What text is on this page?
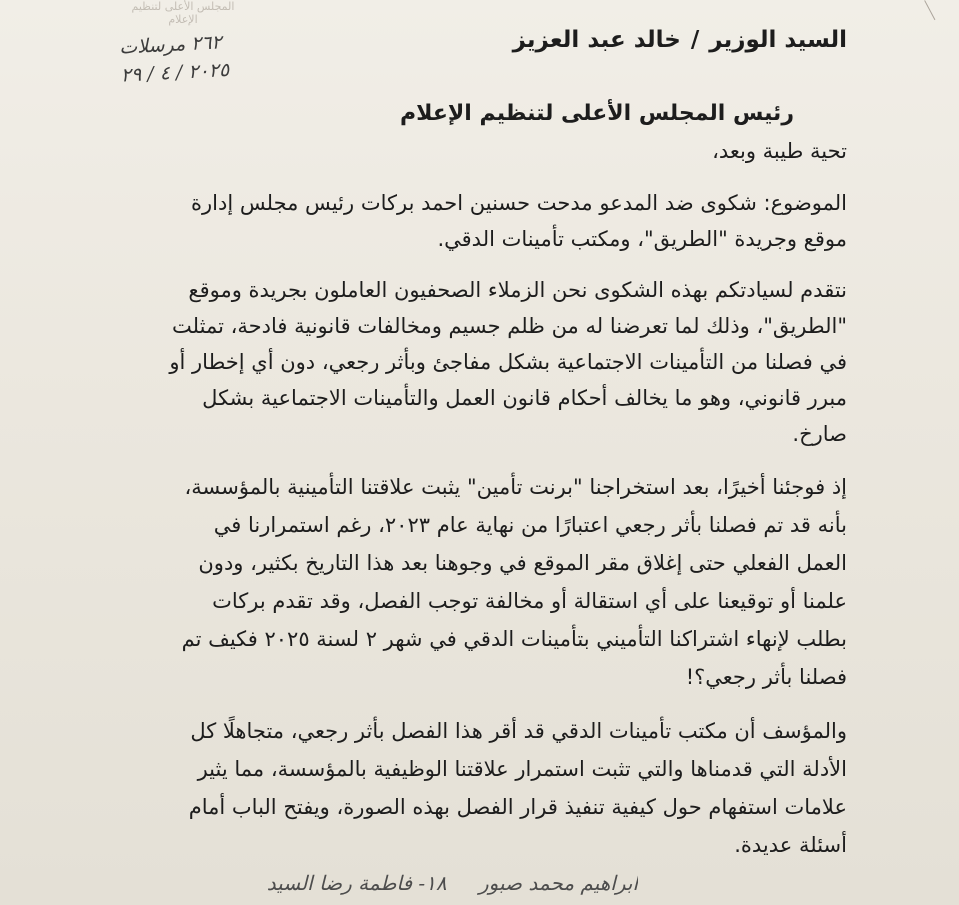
المجلس الأعلى لتنظيم الإعلام
٢٦٢ مرسلات
٢٠٢٥ / ٤ / ٢٩
السيد الوزير/خالد عبد العزيز
رئيس المجلس الأعلى لتنظيم الإعلام
تحية طيبة وبعد،
الموضوع: شكوى ضد المدعو مدحت حسنين احمد بركات رئيس مجلس إدارة موقع وجريدة "الطريق"، ومكتب تأمينات الدقي.
نتقدم لسيادتكم بهذه الشكوى نحن الزملاء الصحفيون العاملون بجريدة وموقع "الطريق"، وذلك لما تعرضنا له من ظلم جسيم ومخالفات قانونية فادحة، تمثلت في فصلنا من التأمينات الاجتماعية بشكل مفاجئ وبأثر رجعي، دون أي إخطار أو مبرر قانوني، وهو ما يخالف أحكام قانون العمل والتأمينات الاجتماعية بشكل صارخ.
إذ فوجئنا أخيرًا، بعد استخراجنا "برنت تأمين" يثبت علاقتنا التأمينية بالمؤسسة، بأنه قد تم فصلنا بأثر رجعي اعتبارًا من نهاية عام ٢٠٢٣، رغم استمرارنا في العمل الفعلي حتى إغلاق مقر الموقع في وجوهنا بعد هذا التاريخ بكثير، ودون علمنا أو توقيعنا على أي استقالة أو مخالفة توجب الفصل، وقد تقدم بركات بطلب لإنهاء اشتراكنا التأميني بتأمينات الدقي في شهر ٢ لسنة ٢٠٢٥ فكيف تم فصلنا بأثر رجعي؟!
والمؤسف أن مكتب تأمينات الدقي قد أقر هذا الفصل بأثر رجعي، متجاهلًا كل الأدلة التي قدمناها والتي تثبت استمرار علاقتنا الوظيفية بالمؤسسة، مما يثير علامات استفهام حول كيفية تنفيذ قرار الفصل بهذه الصورة، ويفتح الباب أمام أسئلة عديدة.
ابراهيم محمد صبور ١٨- فاطمة رضا السيد
